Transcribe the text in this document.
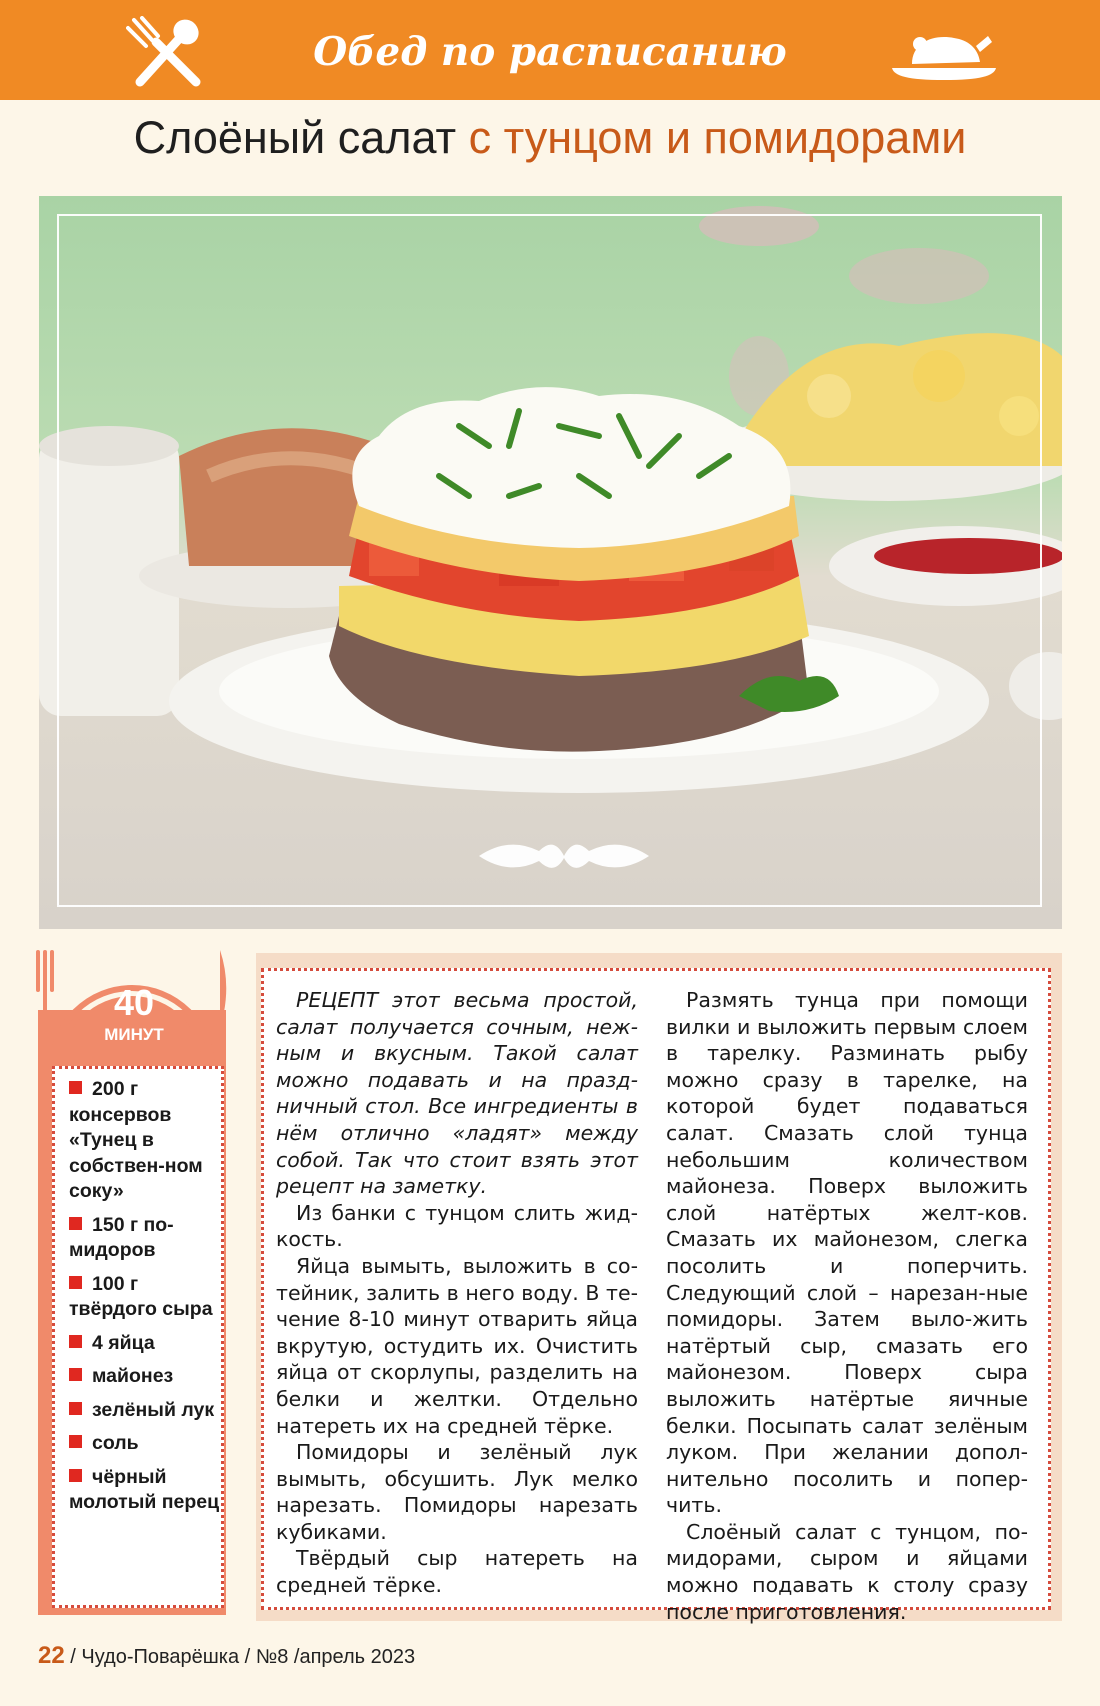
Обед по расписанию
Слоёный салат с тунцом и помидорами

РЕЦЕПТ этот весьма простой, салат получается сочным, неж-ным и вкусным. Такой салат можно подавать и на празд-ничный стол. Все ингредиенты в нём отлично «ладят» между собой. Так что стоит взять этот рецепт на заметку.

Из банки с тунцом слить жид-кость.

Яйца вымыть, выложить в со-тейник, залить в него воду. В те-чение 8-10 минут отварить яйца вкрутую, остудить их. Очистить яйца от скорлупы, разделить на белки и желтки. Отдельно натереть их на средней тёрке.

Помидоры и зелёный лук вымыть, обсушить. Лук мелко нарезать. Помидоры нарезать кубиками.

Твёрдый сыр натереть на средней тёрке.

Размять тунца при помощи вилки и выложить первым слоем в тарелку. Разминать рыбу можно сразу в тарелке, на которой будет подаваться салат. Смазать слой тунца небольшим количеством майонеза. Поверх выложить слой натёртых желт-ков. Смазать их майонезом, слегка посолить и поперчить. Следующий слой – нарезан-ные помидоры. Затем выло-жить натёртый сыр, смазать его майонезом. Поверх сыра выложить натёртые яичные белки. Посыпать салат зелёным луком. При желании допол-нительно посолить и попер-чить.

Слоёный салат с тунцом, по-мидорами, сыром и яйцами можно подавать к столу сразу после приготовления.

40
МИНУТ
200 г консервов «Тунец в собствен-ном соку»
150 г по-мидоров
100 г твёрдого сыра
4 яйца
майонез
зелёный лук
соль
чёрный молотый перец
22 / Чудо-Поварёшка / №8 /апрель 2023
